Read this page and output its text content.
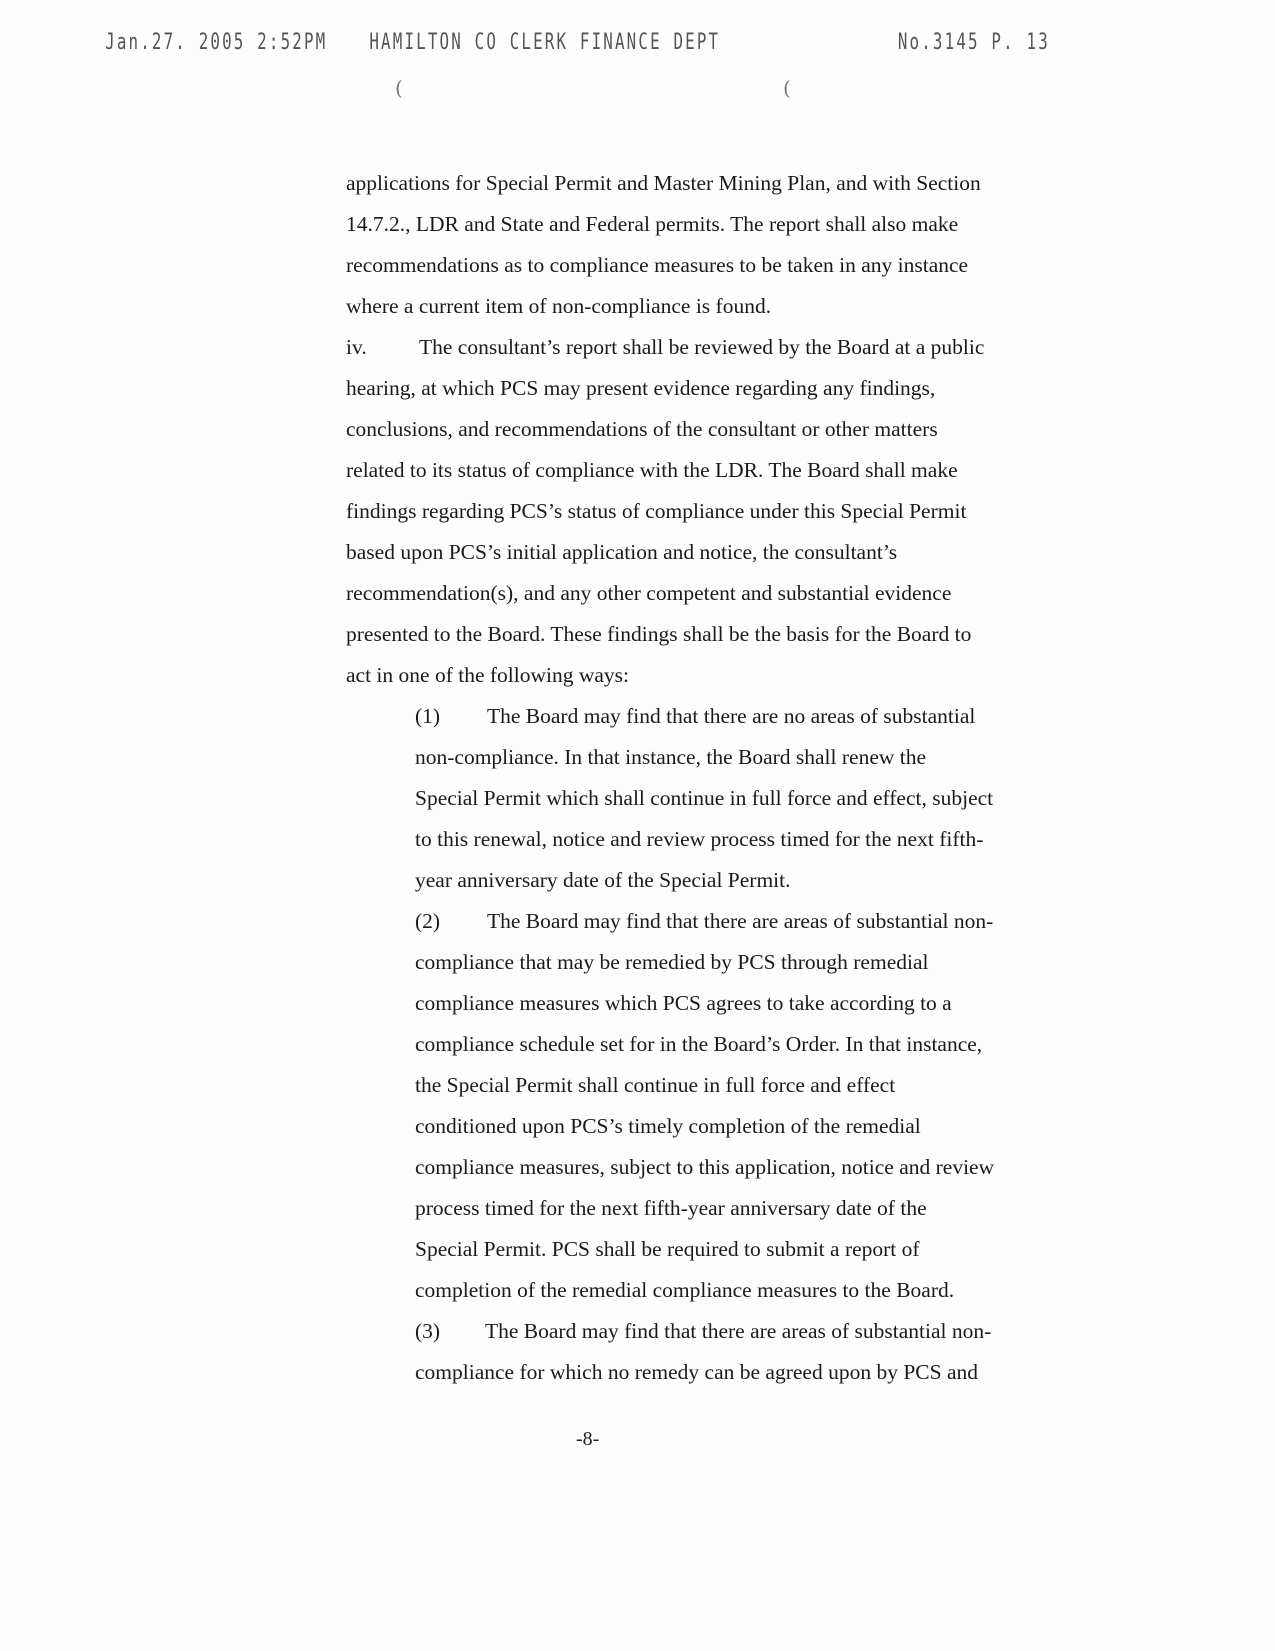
Jan.27. 2005 2:52PM HAMILTON CO CLERK FINANCE DEPT	No.3145 P. 13
(	(
applications for Special Permit and Master Mining Plan, and with Section
14.7.2., LDR and State and Federal permits. The report shall also make
recommendations as to compliance measures to be taken in any instance
where a current item of non-compliance is found.
iv. The consultant’s report shall be reviewed by the Board at a public
hearing, at which PCS may present evidence regarding any findings,
conclusions, and recommendations of the consultant or other matters
related to its status of compliance with the LDR. The Board shall make
findings regarding PCS’s status of compliance under this Special Permit
based upon PCS’s initial application and notice, the consultant’s
recommendation(s), and any other competent and substantial evidence
presented to the Board. These findings shall be the basis for the Board to
act in one of the following ways:
(1) The Board may find that there are no areas of substantial
non-compliance. In that instance, the Board shall renew the
Special Permit which shall continue in full force and effect, subject
to this renewal, notice and review process timed for the next fifth-
year anniversary date of the Special Permit.
(2) The Board may find that there are areas of substantial non-
compliance that may be remedied by PCS through remedial
compliance measures which PCS agrees to take according to a
compliance schedule set for in the Board’s Order. In that instance,
the Special Permit shall continue in full force and effect
conditioned upon PCS’s timely completion of the remedial
compliance measures, subject to this application, notice and review
process timed for the next fifth-year anniversary date of the
Special Permit. PCS shall be required to submit a report of
completion of the remedial compliance measures to the Board.
(3) The Board may find that there are areas of substantial non-
compliance for which no remedy can be agreed upon by PCS and
-8-
